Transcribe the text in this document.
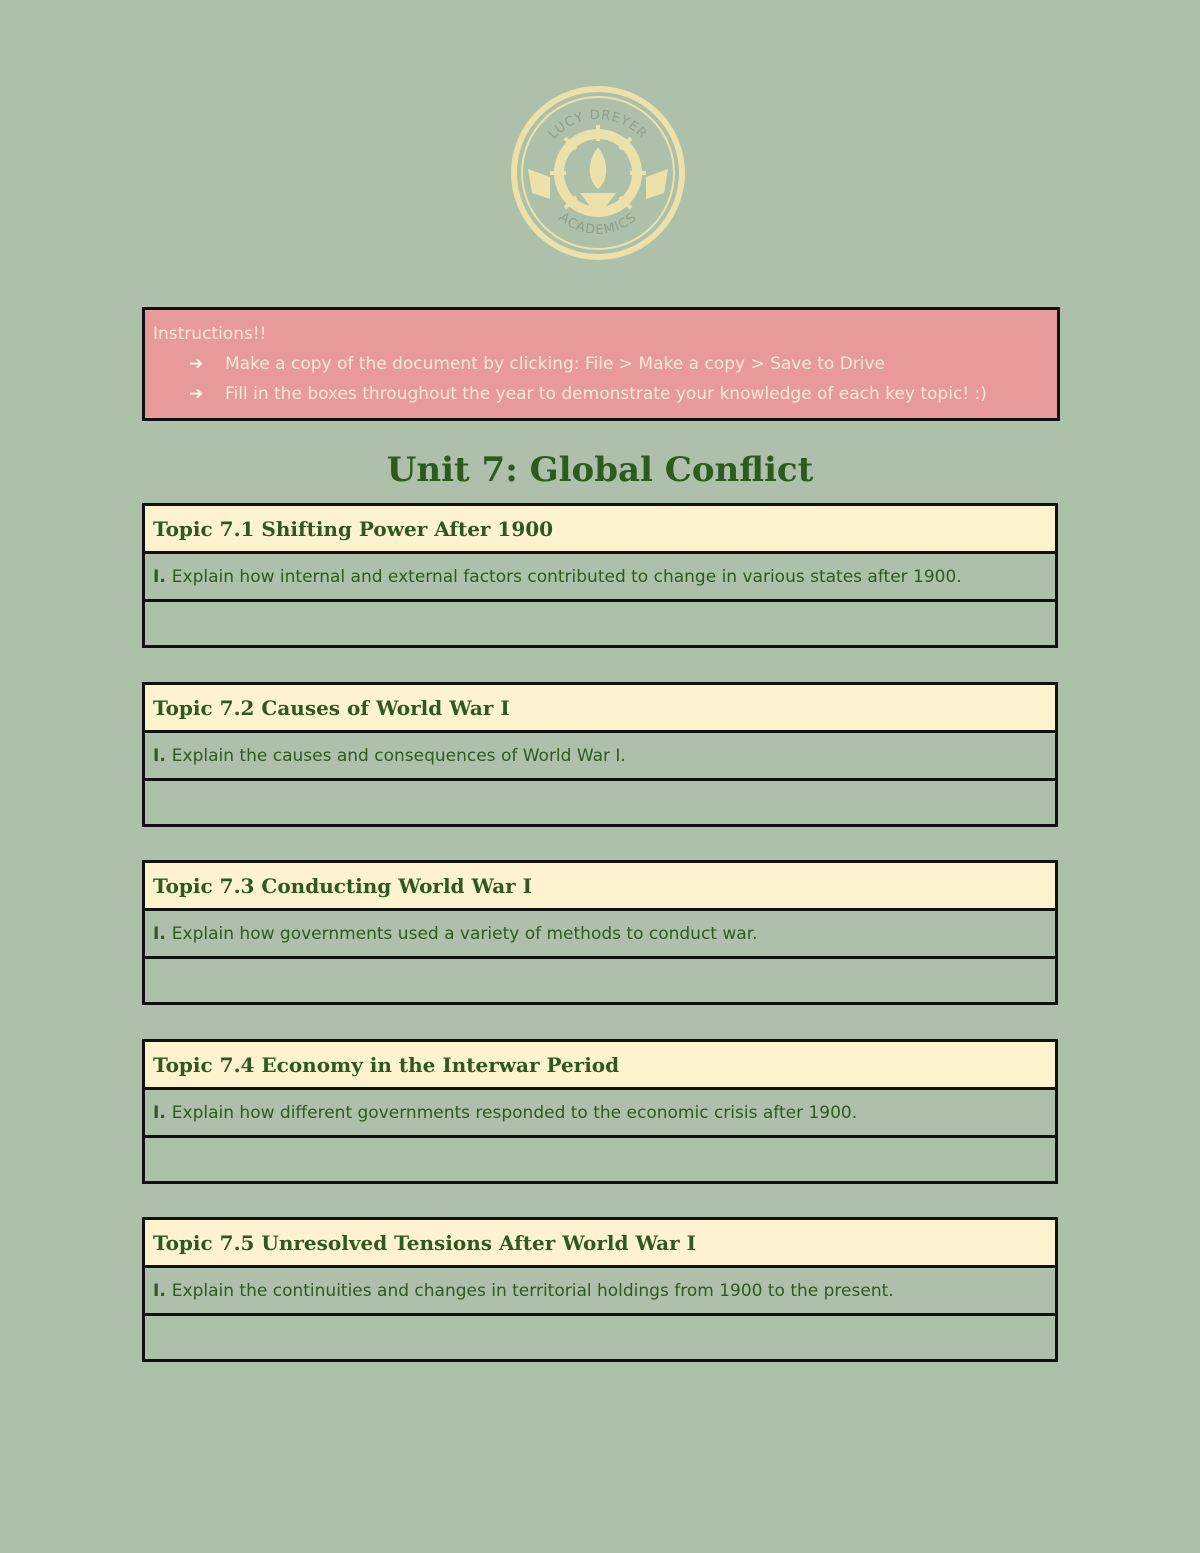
LUCY DREYER
ACADEMICS
Instructions!!
➔ Make a copy of the document by clicking: File > Make a copy > Save to Drive
➔ Fill in the boxes throughout the year to demonstrate your knowledge of each key topic! :)
Unit 7: Global Conflict
Topic 7.1 Shifting Power After 1900
I. Explain how internal and external factors contributed to change in various states after 1900.
Topic 7.2 Causes of World War I
I. Explain the causes and consequences of World War I.
Topic 7.3 Conducting World War I
I. Explain how governments used a variety of methods to conduct war.
Topic 7.4 Economy in the Interwar Period
I. Explain how different governments responded to the economic crisis after 1900.
Topic 7.5 Unresolved Tensions After World War I
I. Explain the continuities and changes in territorial holdings from 1900 to the present.
